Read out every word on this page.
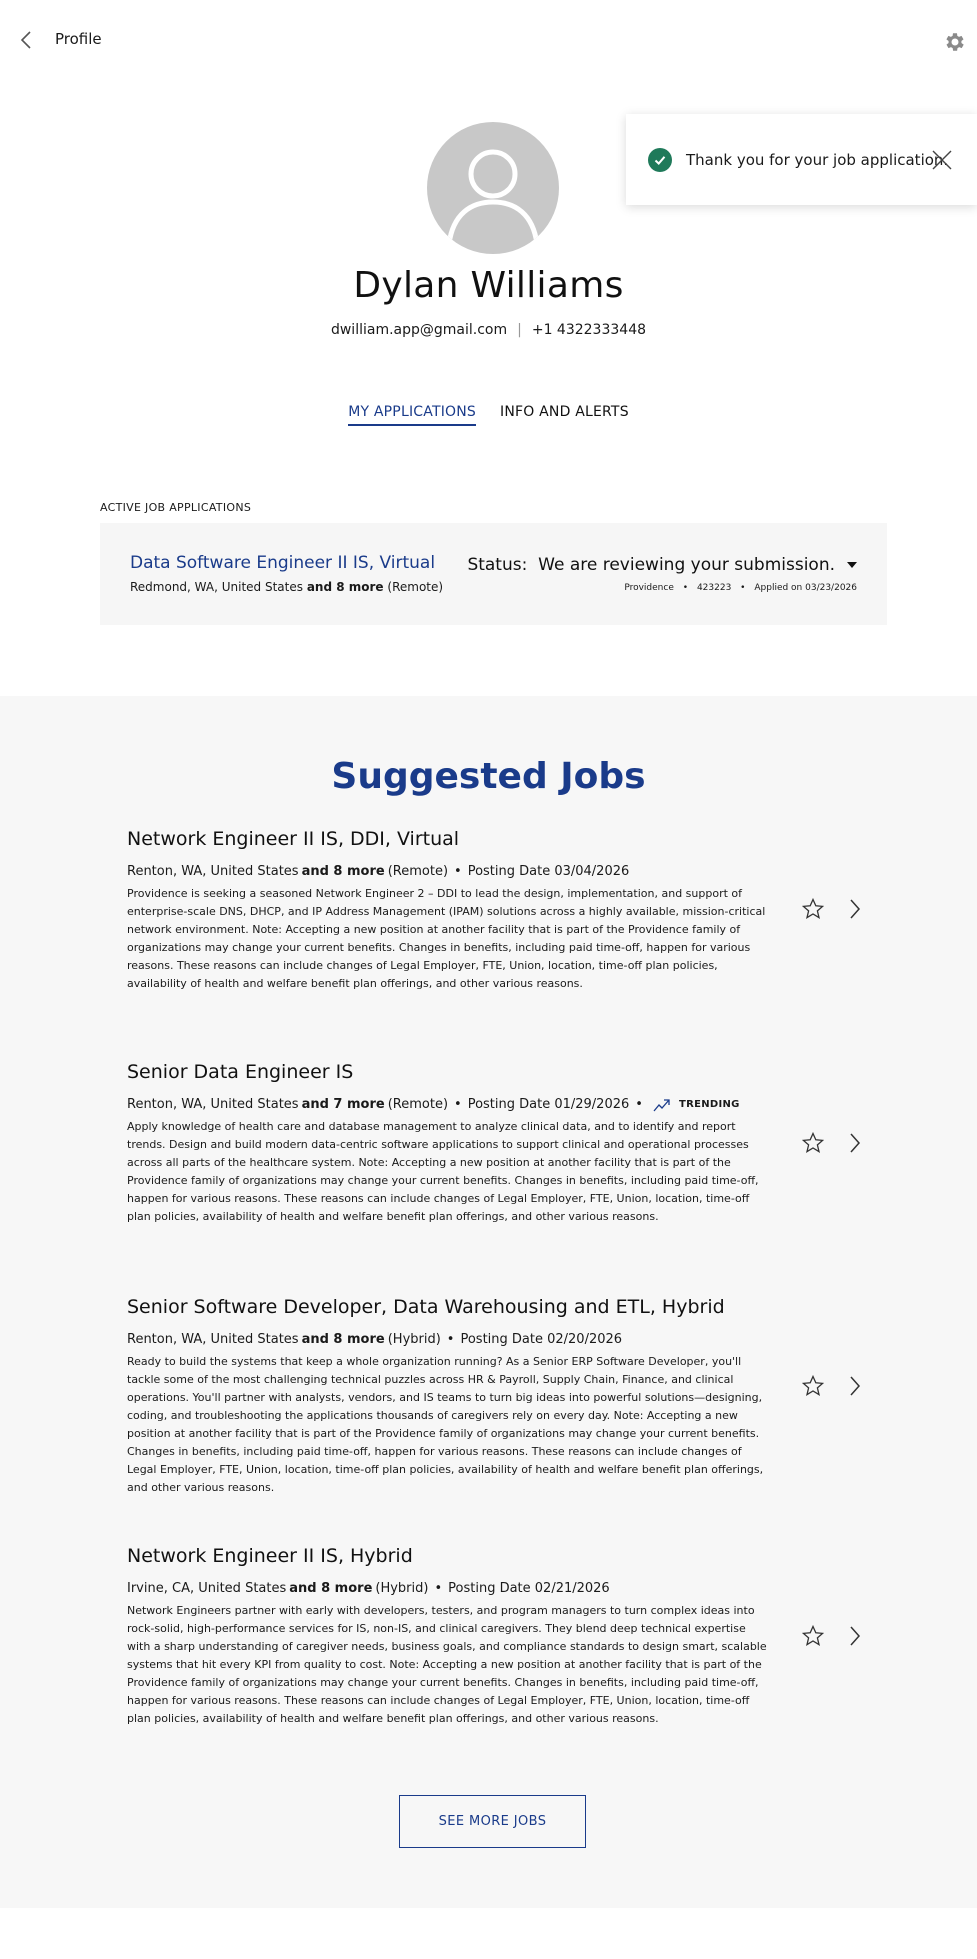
Profile
Thank you for your job application.
Dylan Williams
dwilliam.app@gmail.com | +1 4322333448
MY APPLICATIONS INFO AND ALERTS
ACTIVE JOB APPLICATIONS
Data Software Engineer II IS, Virtual
Redmond, WA, United States and 8 more (Remote)
Status:
We are reviewing your submission.
Providence • 423223 • Applied on 03/23/2026
Suggested Jobs
Network Engineer II IS, DDI, Virtual
Renton, WA, United States and 8 more (Remote) • Posting Date 03/04/2026
Providence is seeking a seasoned Network Engineer 2 – DDI to lead the design, implementation, and support of enterprise-scale DNS, DHCP, and IP Address Management (IPAM) solutions across a highly available, mission-critical network environment. Note: Accepting a new position at another facility that is part of the Providence family of organizations may change your current benefits. Changes in benefits, including paid time-off, happen for various reasons. These reasons can include changes of Legal Employer, FTE, Union, location, time-off plan policies, availability of health and welfare benefit plan offerings, and other various reasons.
Senior Data Engineer IS
Renton, WA, United States and 7 more (Remote) • Posting Date 01/29/2026 •	TRENDING
Apply knowledge of health care and database management to analyze clinical data, and to identify and report trends. Design and build modern data-centric software applications to support clinical and operational processes across all parts of the healthcare system. Note: Accepting a new position at another facility that is part of the Providence family of organizations may change your current benefits. Changes in benefits, including paid time-off, happen for various reasons. These reasons can include changes of Legal Employer, FTE, Union, location, time-off plan policies, availability of health and welfare benefit plan offerings, and other various reasons.
Senior Software Developer, Data Warehousing and ETL, Hybrid
Renton, WA, United States and 8 more (Hybrid) • Posting Date 02/20/2026
Ready to build the systems that keep a whole organization running? As a Senior ERP Software Developer, you'll tackle some of the most challenging technical puzzles across HR & Payroll, Supply Chain, Finance, and clinical operations. You'll partner with analysts, vendors, and IS teams to turn big ideas into powerful solutions—designing, coding, and troubleshooting the applications thousands of caregivers rely on every day. Note: Accepting a new position at another facility that is part of the Providence family of organizations may change your current benefits. Changes in benefits, including paid time-off, happen for various reasons. These reasons can include changes of Legal Employer, FTE, Union, location, time-off plan policies, availability of health and welfare benefit plan offerings, and other various reasons.
Network Engineer II IS, Hybrid
Irvine, CA, United States and 8 more (Hybrid) • Posting Date 02/21/2026
Network Engineers partner with early with developers, testers, and program managers to turn complex ideas into rock-solid, high-performance services for IS, non-IS, and clinical caregivers. They blend deep technical expertise with a sharp understanding of caregiver needs, business goals, and compliance standards to design smart, scalable systems that hit every KPI from quality to cost. Note: Accepting a new position at another facility that is part of the Providence family of organizations may change your current benefits. Changes in benefits, including paid time-off, happen for various reasons. These reasons can include changes of Legal Employer, FTE, Union, location, time-off plan policies, availability of health and welfare benefit plan offerings, and other various reasons.
SEE MORE JOBS
